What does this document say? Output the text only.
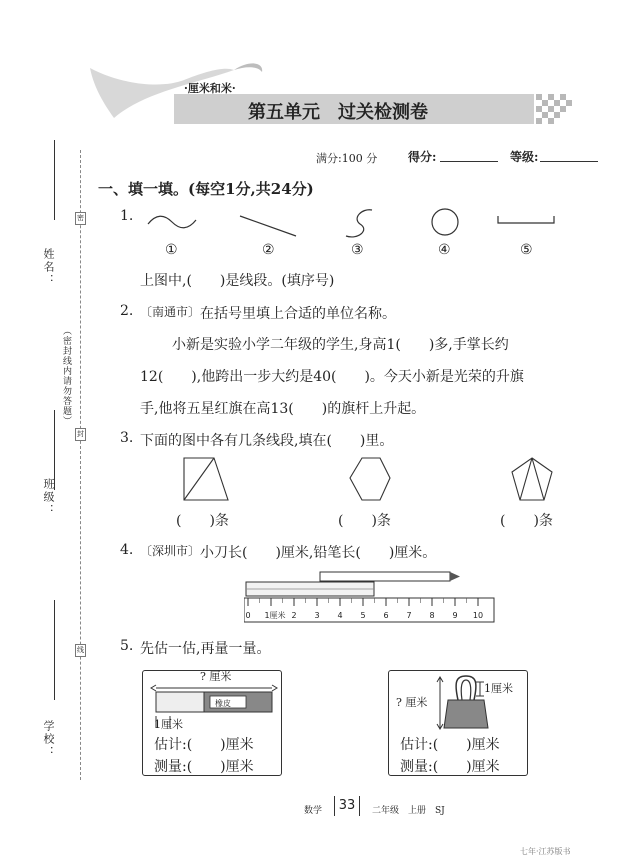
·厘米和米·
第五单元　过关检测卷
满分:100 分	得分:	等级:
姓名：
班级：
学校：
（密封线内请勿答题）
密
封
线
一、填一填。(每空1分,共24分)
1.
①	②	③	④	⑤
上图中,(　　)是线段。(填序号)
2. 〔南通市〕 在括号里填上合适的单位名称。
小新是实验小学二年级的学生,身高1(　　)多,手掌长约
12(　　),他跨出一步大约是40(　　)。今天小新是光荣的升旗
手,他将五星红旗在高13(　　)的旗杆上升起。
3. 下面的图中各有几条线段,填在(　　)里。
(　　)条	(　　)条	(　　)条
4. 〔深圳市〕 小刀长(　　)厘米,铅笔长(　　)厘米。
0 1厘米 2 3 4 5 6 7 8 9 10
5. 先估一估,再量一量。
? 厘米
橡皮
1厘米
估计:(　　)厘米
测量:(　　)厘米
? 厘米
1厘米
估计:(　　)厘米
测量:(　　)厘米
数学	33	二年级　上册　SJ
七年·江苏版书
